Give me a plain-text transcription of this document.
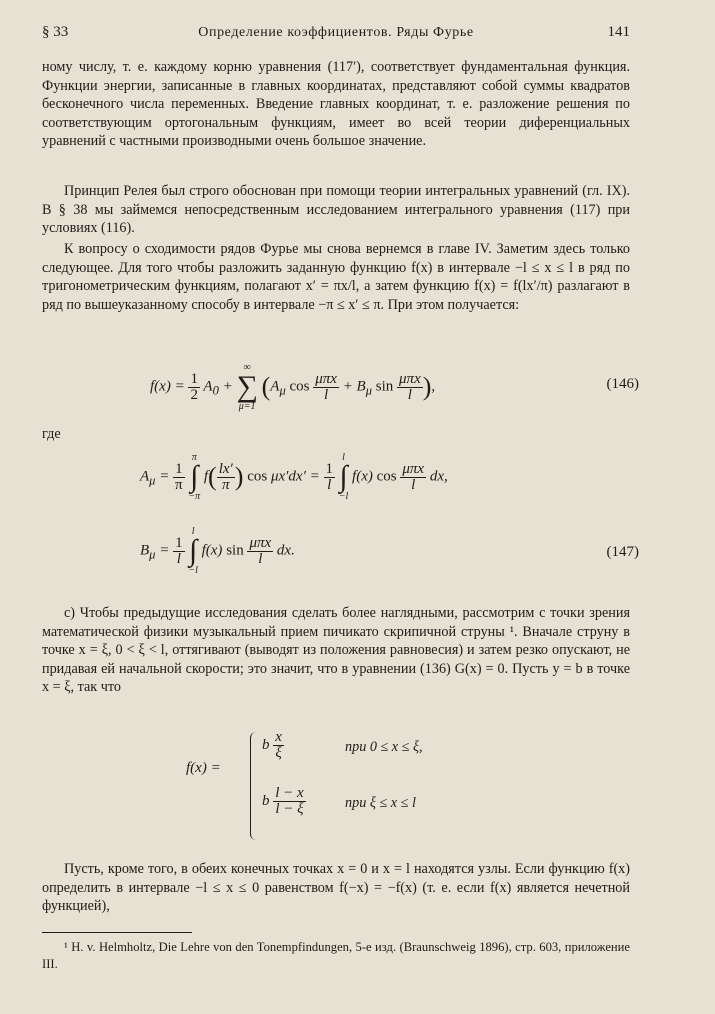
§ 33	Определение коэффициентов. Ряды Фурье	141

ному числу, т. е. каждому корню уравнения (117′), соответствует фундаментальная функция. Функции энергии, записанные в главных координатах, представляют собой суммы квадратов бесконечного числа переменных. Введение главных координат, т. е. разложение решения по соответствующим ортогональным функциям, имеет во всей теории диференциальных уравнений с частными производными очень большое значение.

Принцип Релея был строго обоснован при помощи теории интегральных уравнений (гл. IX). В § 38 мы займемся непосредственным исследованием интегрального уравнения (117) при условиях (116).

К вопросу о сходимости рядов Фурье мы снова вернемся в главе IV. Заметим здесь только следующее. Для того чтобы разложить заданную функцию f(x) в интервале −l ≤ x ≤ l в ряд по тригонометрическим функциям, полагают x′ = πx/l, а затем функцию f(x) = f(lx′/π) разлагают в ряд по вышеуказанному способу в интервале −π ≤ x′ ≤ π. При этом получается:

$f(x) = \frac{1}{2} A_0$ + ∞
∑
μ=1 ($A_\mu$ cos μπx
l
+ $B_\mu$ sin μπx
l ),	(146)

где

$A_\mu = \frac{1}{\pi}$
π
∫
−π $f( \frac{lx'}{\pi}$ ) $\cos \mu x'dx' = \frac{1}{l}$
l
∫
−l f(x) cos μπx
l
dx,
$B_\mu = \frac{1}{l}$
l
∫
−l f(x) sin μπx
l
dx.	(147)

c) Чтобы предыдущие исследования сделать более наглядными, рассмотрим с точки зрения математической физики музыкальный прием пичикато скрипичной струны ¹. Вначале струну в точке x = ξ, 0 < ξ < l, оттягивают (выводят из положения равновесия) и затем резко опускают, не придавая ей начальной скорости; это значит, что в уравнении (136) G(x) = 0. Пусть y = b в точке x = ξ, так что

f(x) =
b $\frac{x}{\xi}$	при 0 ≤ x ≤ ξ,
b $\frac{l - x}{l - \xi}$	при ξ ≤ x ≤ l

Пусть, кроме того, в обеих конечных точках x = 0 и x = l находятся узлы. Если функцию f(x) определить в интервале −l ≤ x ≤ 0 равенством f(−x) = −f(x) (т. е. если f(x) является нечетной функцией),

¹ H. v. Helmholtz, Die Lehre von den Tonempfindungen, 5-е изд. (Braunschweig 1896), стр. 603, приложение III.
